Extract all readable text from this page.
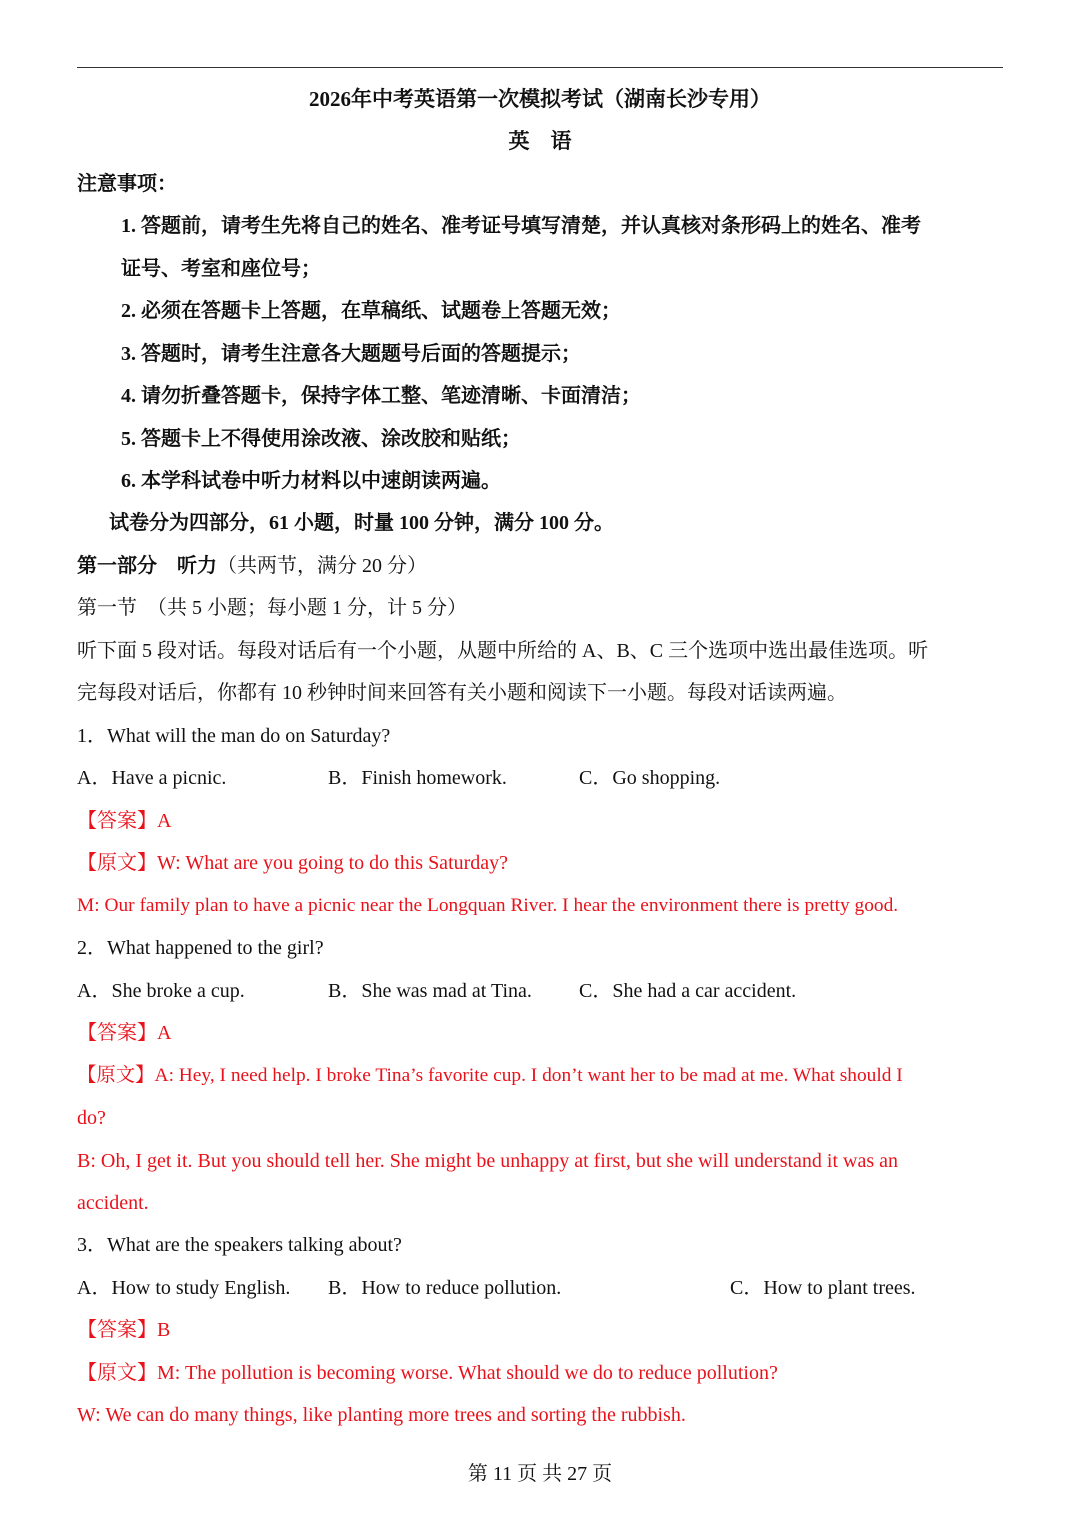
2026年中考英语第一次模拟考试（湖南长沙专用）
英　语
注意事项：
1. 答题前，请考生先将自己的姓名、准考证号填写清楚，并认真核对条形码上的姓名、准考
证号、考室和座位号；
2. 必须在答题卡上答题，在草稿纸、试题卷上答题无效；
3. 答题时，请考生注意各大题题号后面的答题提示；
4. 请勿折叠答题卡，保持字体工整、笔迹清晰、卡面清洁；
5. 答题卡上不得使用涂改液、涂改胶和贴纸；
6. 本学科试卷中听力材料以中速朗读两遍。
试卷分为四部分，61 小题，时量 100 分钟，满分 100 分。
第一部分　听力（共两节，满分 20 分）
第一节　（共 5 小题；每小题 1 分，计 5 分）
听下面 5 段对话。每段对话后有一个小题，从题中所给的 A、B、C 三个选项中选出最佳选项。听
完每段对话后，你都有 10 秒钟时间来回答有关小题和阅读下一小题。每段对话读两遍。
1．What will the man do on Saturday?
A．Have a picnic.	B．Finish homework.	C．Go shopping.
【答案】A
【原文】W: What are you going to do this Saturday?
M: Our family plan to have a picnic near the Longquan River. I hear the environment there is pretty good.
2．What happened to the girl?
A．She broke a cup.	B．She was mad at Tina. C．She had a car accident.
【答案】A
【原文】A: Hey, I need help. I broke Tina’s favorite cup. I don’t want her to be mad at me. What should I
do?
B: Oh, I get it. But you should tell her. She might be unhappy at first, but she will understand it was an
accident.
3．What are the speakers talking about?
A．How to study English. B．How to reduce pollution.	C．How to plant trees.
【答案】B
【原文】M: The pollution is becoming worse. What should we do to reduce pollution?
W: We can do many things, like planting more trees and sorting the rubbish.
第 11 页 共 27 页
